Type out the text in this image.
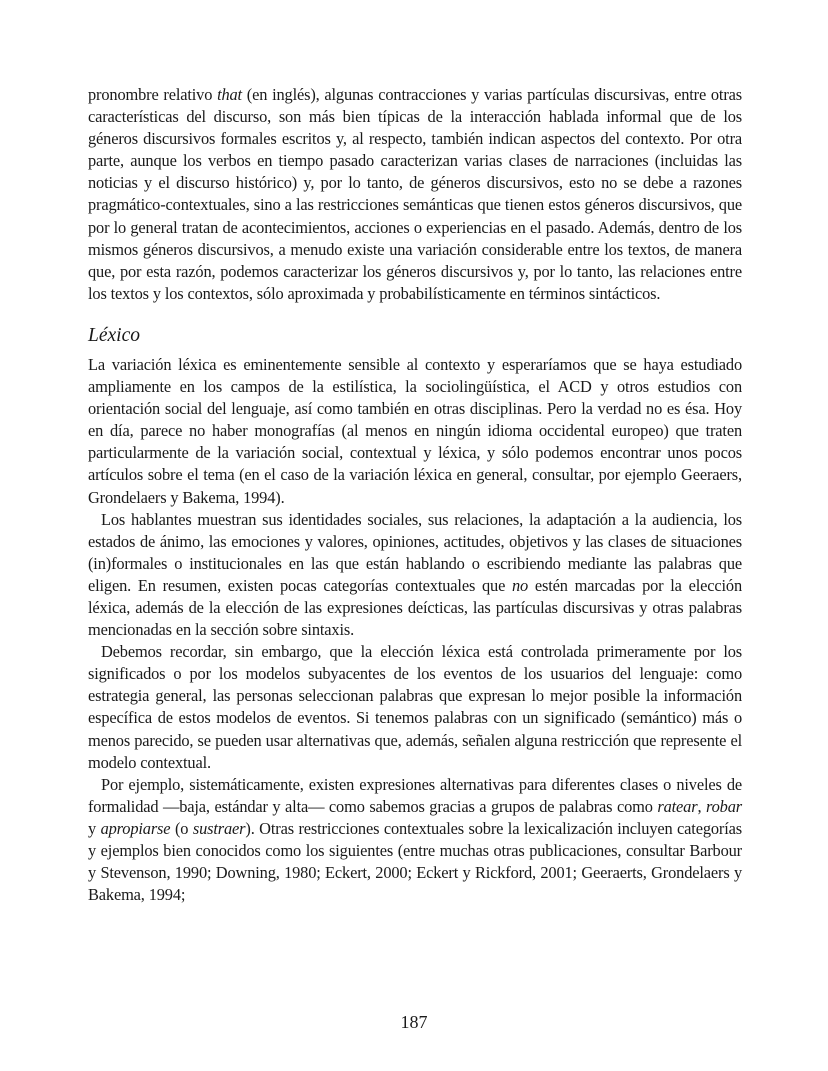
pronombre relativo that (en inglés), algunas contracciones y varias partículas discursivas, entre otras características del discurso, son más bien típicas de la interacción hablada informal que de los géneros discursivos formales escritos y, al respecto, también indican aspectos del contexto. Por otra parte, aunque los verbos en tiempo pasado caracterizan varias clases de narraciones (incluidas las noticias y el discurso histórico) y, por lo tanto, de géneros discursivos, esto no se debe a razones pragmático-contextuales, sino a las restricciones semánticas que tienen estos géneros discursivos, que por lo general tratan de acontecimientos, acciones o experiencias en el pasado. Además, dentro de los mismos géneros discursivos, a menudo existe una variación considerable entre los textos, de manera que, por esta razón, podemos caracterizar los géneros discursivos y, por lo tanto, las relaciones entre los textos y los contextos, sólo aproximada y probabilísticamente en términos sintácticos.

Léxico

La variación léxica es eminentemente sensible al contexto y esperaríamos que se haya estudiado ampliamente en los campos de la estilística, la sociolingüística, el ACD y otros estudios con orientación social del lenguaje, así como también en otras disciplinas. Pero la verdad no es ésa. Hoy en día, parece no haber monografías (al menos en ningún idioma occidental europeo) que traten particularmente de la variación social, contextual y léxica, y sólo podemos encontrar unos pocos artículos sobre el tema (en el caso de la variación léxica en general, consultar, por ejemplo Geeraers, Grondelaers y Bakema, 1994).

Los hablantes muestran sus identidades sociales, sus relaciones, la adaptación a la audiencia, los estados de ánimo, las emociones y valores, opiniones, actitudes, objetivos y las clases de situaciones (in)formales o institucionales en las que están hablando o escribiendo mediante las palabras que eligen. En resumen, existen pocas categorías contextuales que no estén marcadas por la elección léxica, además de la elección de las expresiones deícticas, las partículas discursivas y otras palabras mencionadas en la sección sobre sintaxis.

Debemos recordar, sin embargo, que la elección léxica está controlada primeramente por los significados o por los modelos subyacentes de los eventos de los usuarios del lenguaje: como estrategia general, las personas seleccionan palabras que expresan lo mejor posible la información específica de estos modelos de eventos. Si tenemos palabras con un significado (semántico) más o menos parecido, se pueden usar alternativas que, además, señalen alguna restricción que represente el modelo contextual.

Por ejemplo, sistemáticamente, existen expresiones alternativas para diferentes clases o niveles de formalidad —baja, estándar y alta— como sabemos gracias a grupos de palabras como ratear, robar y apropiarse (o sustraer). Otras restricciones contextuales sobre la lexicalización incluyen categorías y ejemplos bien conocidos como los siguientes (entre muchas otras publicaciones, consultar Barbour y Stevenson, 1990; Downing, 1980; Eckert, 2000; Eckert y Rickford, 2001; Geeraerts, Grondelaers y Bakema, 1994;

187
